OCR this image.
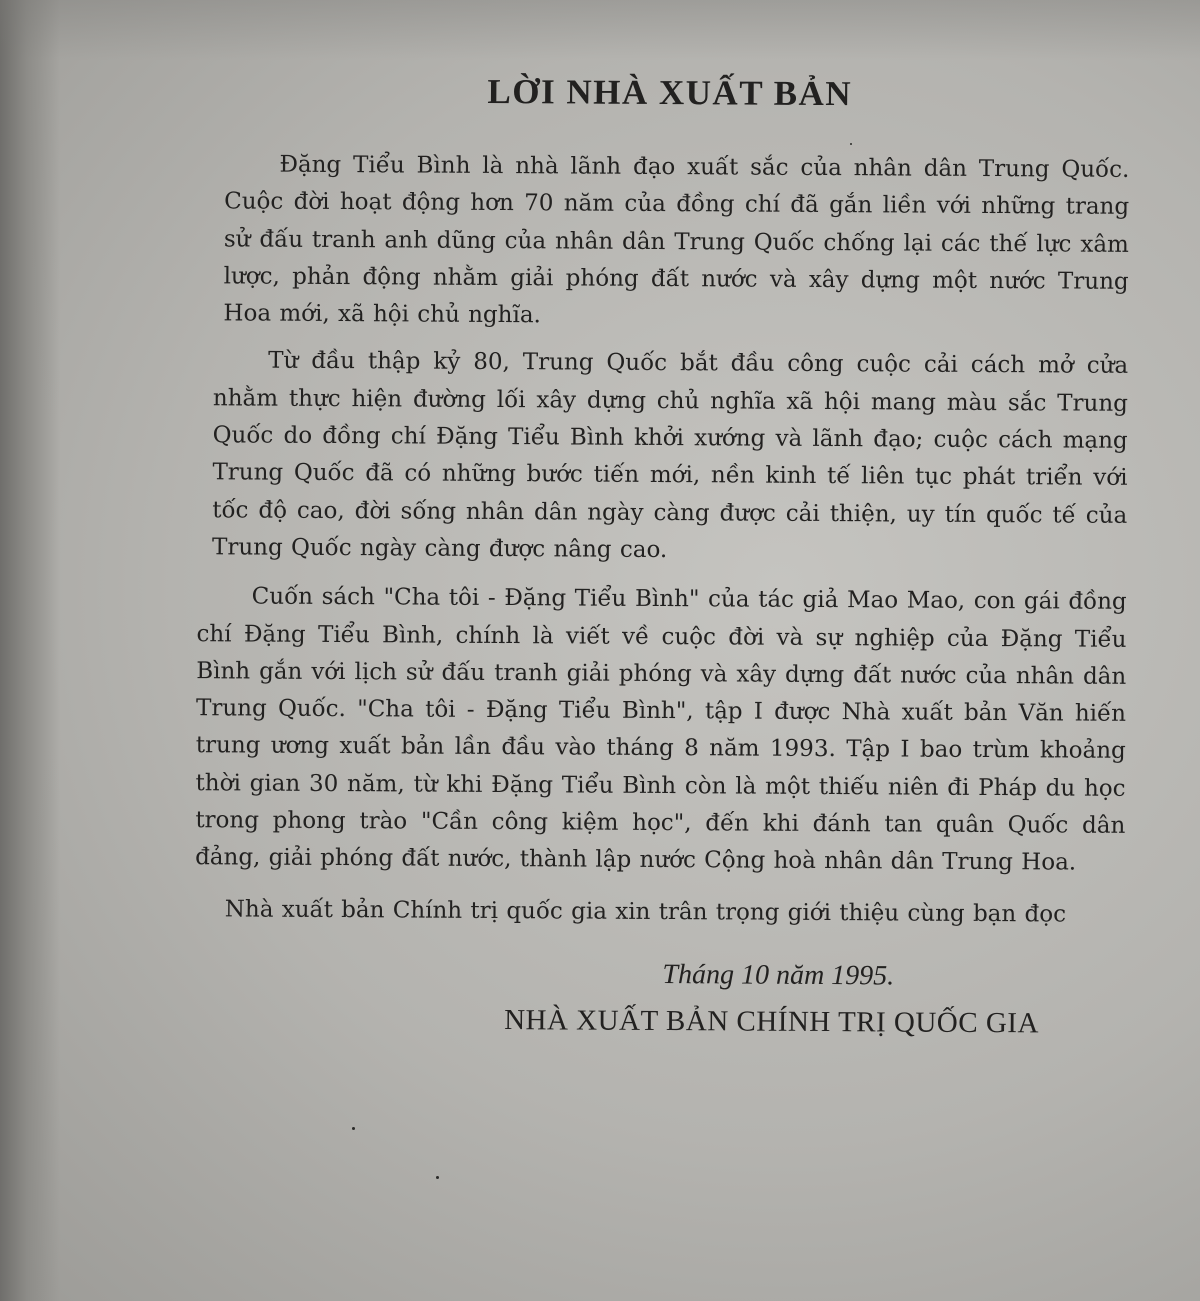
LỜI NHÀ XUẤT BẢN

Đặng Tiểu Bình là nhà lãnh đạo xuất sắc của nhân dân Trung Quốc. Cuộc đời hoạt động hơn 70 năm của đồng chí đã gắn liền với những trang sử đấu tranh anh dũng của nhân dân Trung Quốc chống lại các thế lực xâm lược, phản động nhằm giải phóng đất nước và xây dựng một nước Trung Hoa mới, xã hội chủ nghĩa.

Từ đầu thập kỷ 80, Trung Quốc bắt đầu công cuộc cải cách mở cửa nhằm thực hiện đường lối xây dựng chủ nghĩa xã hội mang màu sắc Trung Quốc do đồng chí Đặng Tiểu Bình khởi xướng và lãnh đạo; cuộc cách mạng Trung Quốc đã có những bước tiến mới, nền kinh tế liên tục phát triển với tốc độ cao, đời sống nhân dân ngày càng được cải thiện, uy tín quốc tế của Trung Quốc ngày càng được nâng cao.

Cuốn sách "Cha tôi - Đặng Tiểu Bình" của tác giả Mao Mao, con gái đồng chí Đặng Tiểu Bình, chính là viết về cuộc đời và sự nghiệp của Đặng Tiểu Bình gắn với lịch sử đấu tranh giải phóng và xây dựng đất nước của nhân dân Trung Quốc. "Cha tôi - Đặng Tiểu Bình", tập I được Nhà xuất bản Văn hiến trung ương xuất bản lần đầu vào tháng 8 năm 1993. Tập I bao trùm khoảng thời gian 30 năm, từ khi Đặng Tiểu Bình còn là một thiếu niên đi Pháp du học trong phong trào "Cần công kiệm học", đến khi đánh tan quân Quốc dân đảng, giải phóng đất nước, thành lập nước Cộng hoà nhân dân Trung Hoa.

Nhà xuất bản Chính trị quốc gia xin trân trọng giới thiệu cùng bạn đọc

Tháng 10 năm 1995.
NHÀ XUẤT BẢN CHÍNH TRỊ QUỐC GIA
